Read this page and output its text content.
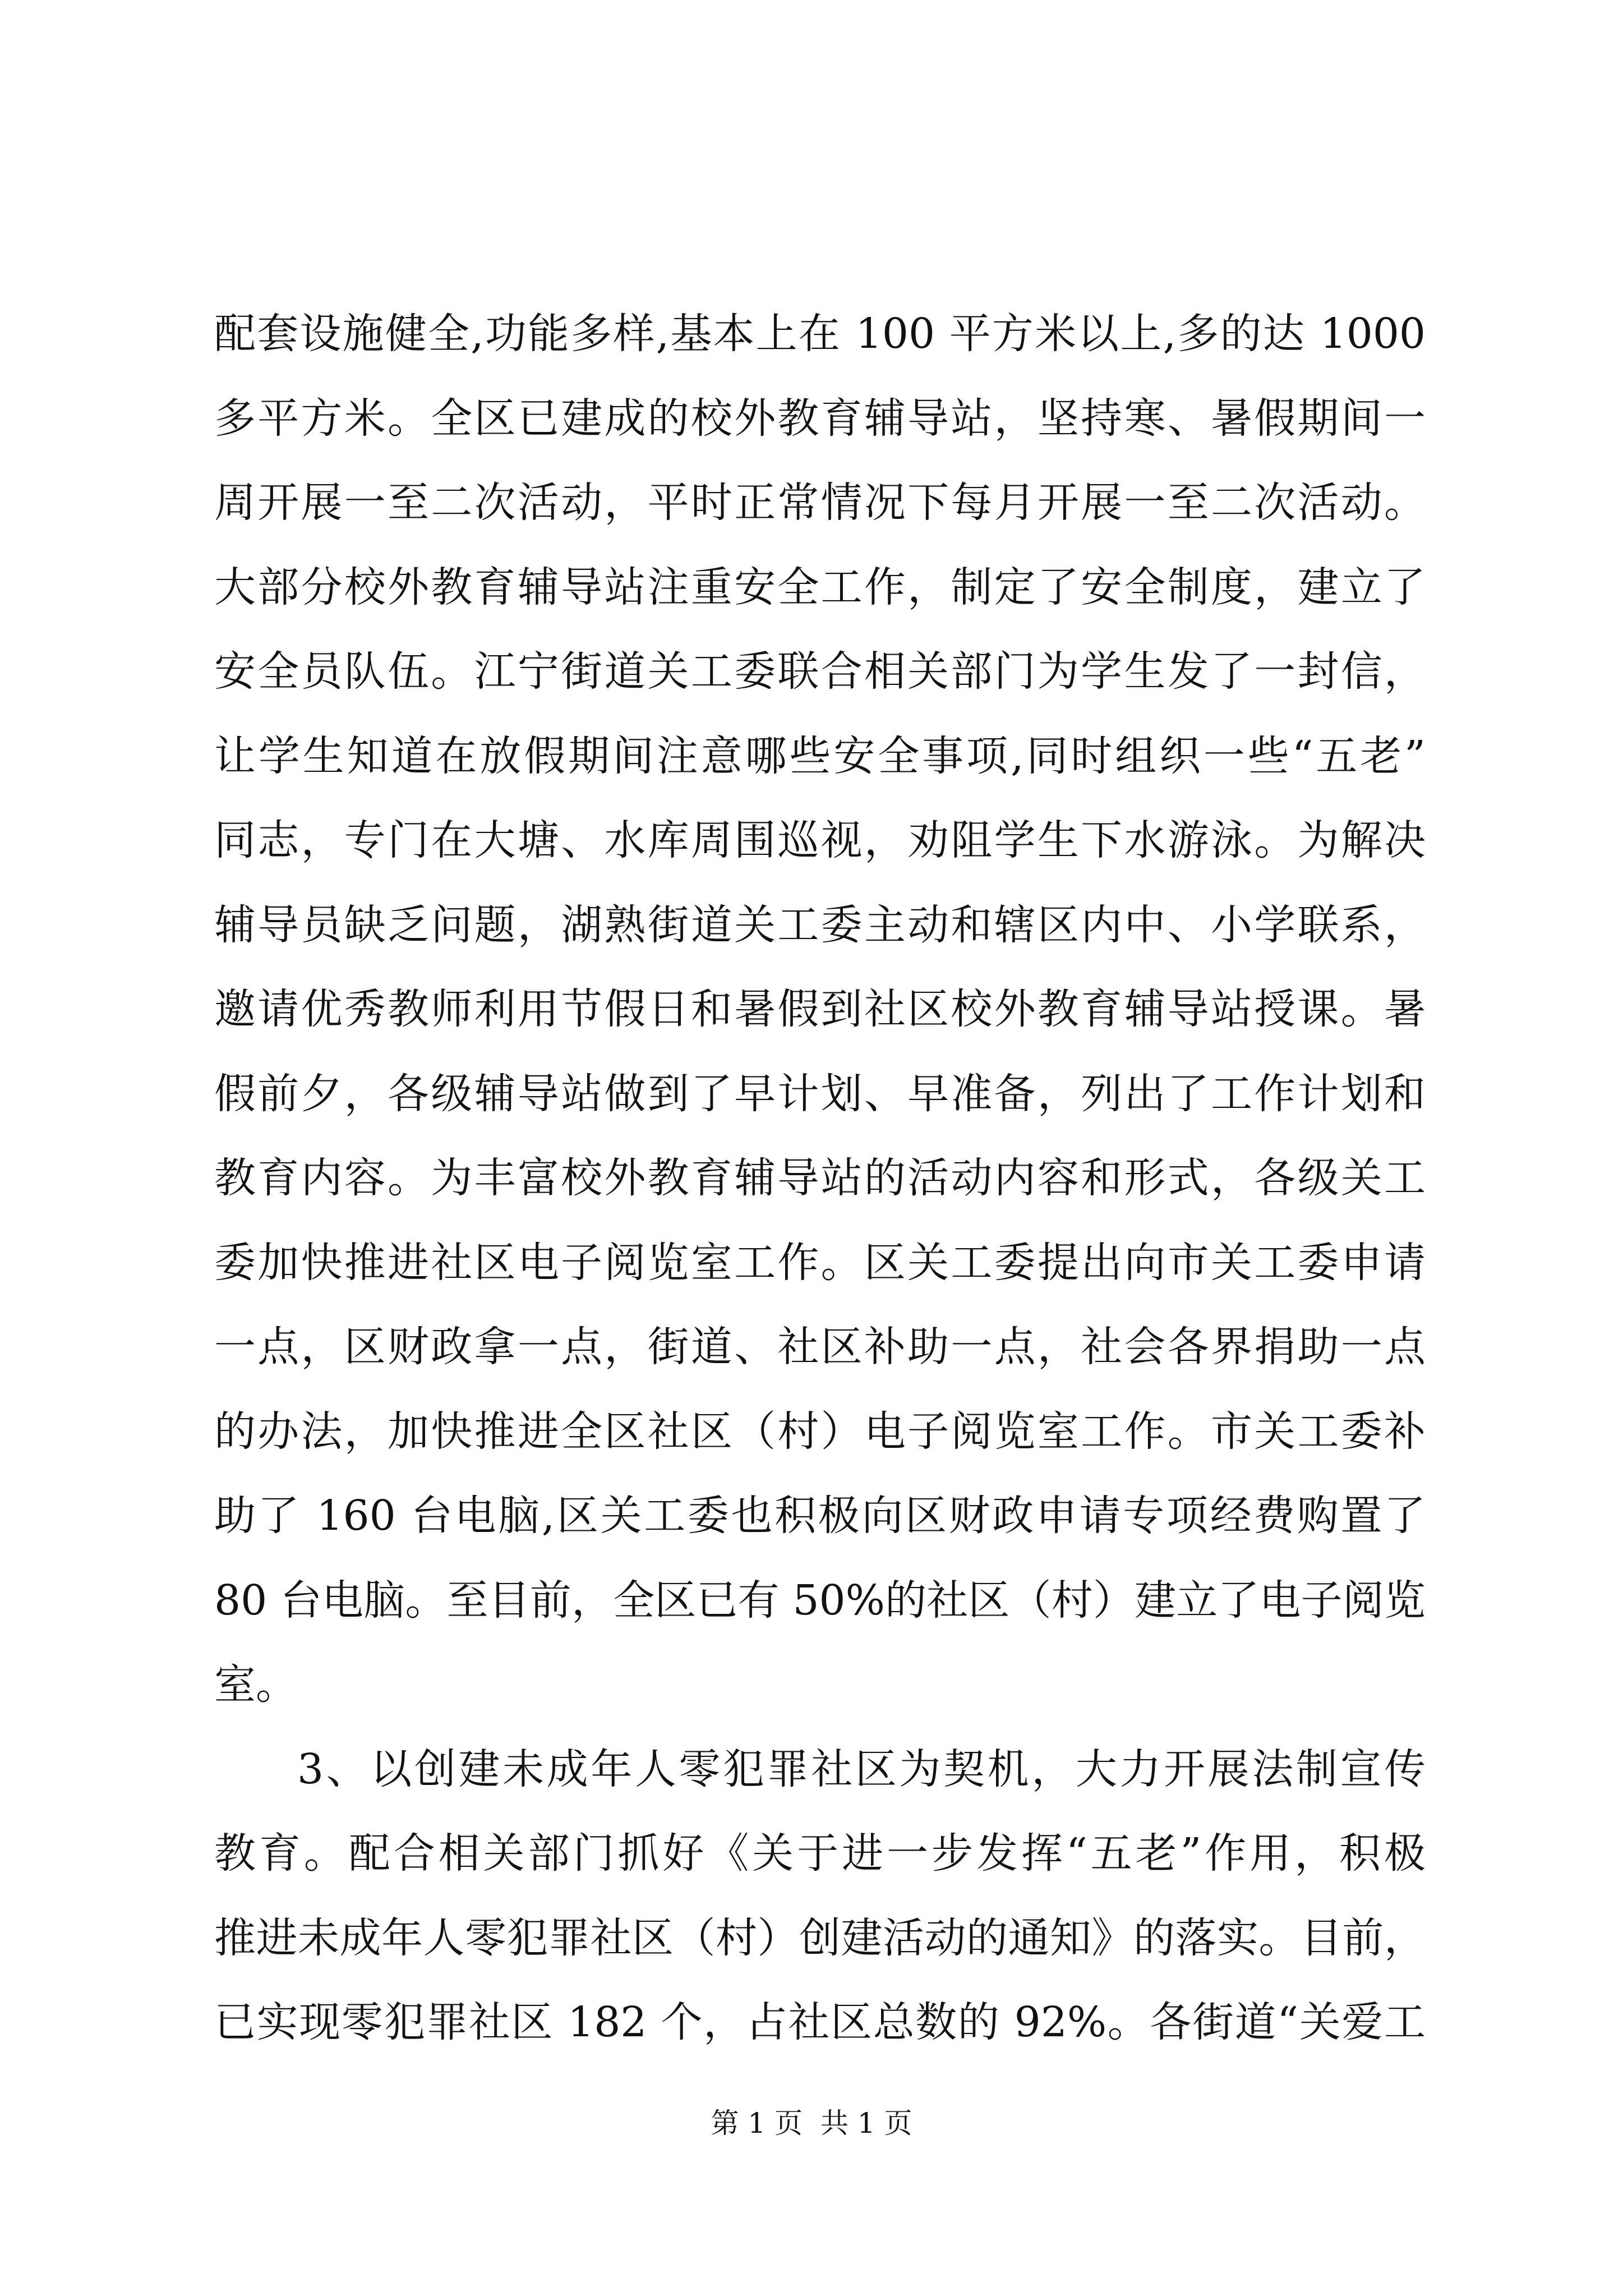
配套设施健全,功能多样,基本上在 100 平方米以上,多的达 1000
多平方米。全区已建成的校外教育辅导站，坚持寒、暑假期间一
周开展一至二次活动，平时正常情况下每月开展一至二次活动。
大部分校外教育辅导站注重安全工作，制定了安全制度，建立了
安全员队伍。江宁街道关工委联合相关部门为学生发了一封信，
让学生知道在放假期间注意哪些安全事项,同时组织一些“五老”
同志，专门在大塘、水库周围巡视，劝阻学生下水游泳。为解决
辅导员缺乏问题，湖熟街道关工委主动和辖区内中、小学联系，
邀请优秀教师利用节假日和暑假到社区校外教育辅导站授课。暑
假前夕，各级辅导站做到了早计划、早准备，列出了工作计划和
教育内容。为丰富校外教育辅导站的活动内容和形式，各级关工
委加快推进社区电子阅览室工作。区关工委提出向市关工委申请
一点，区财政拿一点，街道、社区补助一点，社会各界捐助一点
的办法，加快推进全区社区（村）电子阅览室工作。市关工委补
助了 160 台电脑,区关工委也积极向区财政申请专项经费购置了
80 台电脑。至目前，全区已有 50%的社区（村）建立了电子阅览
室。
3、以创建未成年人零犯罪社区为契机，大力开展法制宣传
教育。配合相关部门抓好《关于进一步发挥“五老”作用，积极
推进未成年人零犯罪社区（村）创建活动的通知》的落实。目前，
已实现零犯罪社区 182 个，占社区总数的 92%。各街道“关爱工
第 1 页  共 1 页
